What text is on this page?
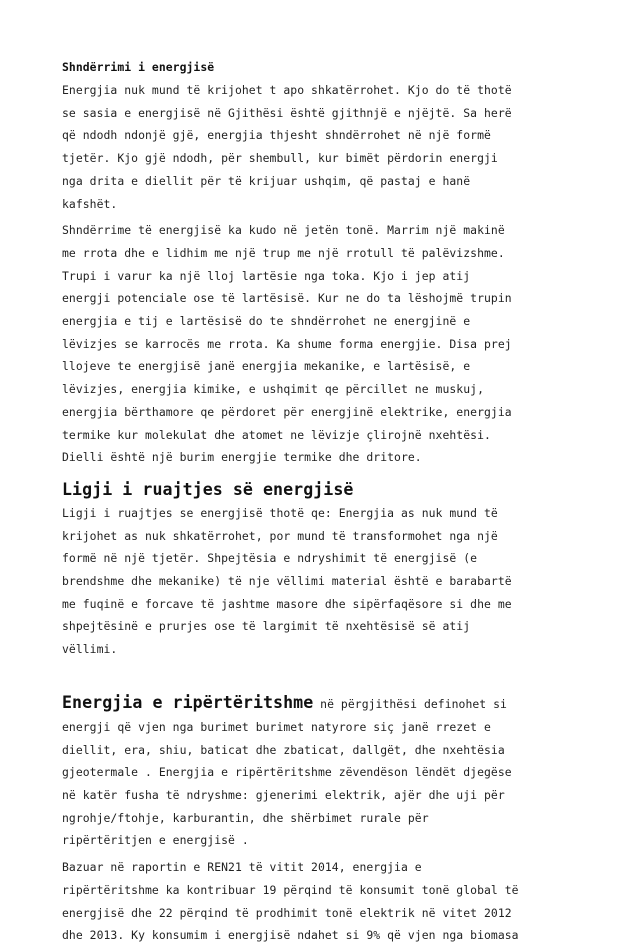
Shndërrimi i energjisë
Energjia nuk mund të krijohet t apo shkatërrohet. Kjo do të thotë
se sasia e energjisë në Gjithësi është gjithnjë e njëjtë. Sa herë
që ndodh ndonjë gjë, energjia thjesht shndërrohet në një formë
tjetër. Kjo gjë ndodh, për shembull, kur bimët përdorin energji
nga drita e diellit për të krijuar ushqim, që pastaj e hanë
kafshët.
Shndërrime të energjisë ka kudo në jetën tonë. Marrim një makinë
me rrota dhe e lidhim me një trup me një rrotull të palëvizshme.
Trupi i varur ka një lloj lartësie nga toka. Kjo i jep atij
energji potenciale ose të lartësisë. Kur ne do ta lëshojmë trupin
energjia e tij e lartësisë do te shndërrohet ne energjinë e
lëvizjes se karrocës me rrota. Ka shume forma energjie. Disa prej
llojeve te energjisë janë energjia mekanike, e lartësisë, e
lëvizjes, energjia kimike, e ushqimit qe përcillet ne muskuj,
energjia bërthamore qe përdoret për energjinë elektrike, energjia
termike kur molekulat dhe atomet ne lëvizje çlirojnë nxehtësi.
Dielli është një burim energjie termike dhe dritore.
Ligji i ruajtjes së energjisë
Ligji i ruajtjes se energjisë thotë qe: Energjia as nuk mund të
krijohet as nuk shkatërrohet, por mund të transformohet nga një
formë në një tjetër. Shpejtësia e ndryshimit të energjisë (e
brendshme dhe mekanike) të nje vëllimi material është e barabartë
me fuqinë e forcave të jashtme masore dhe sipërfaqësore si dhe me
shpejtësinë e prurjes ose të largimit të nxehtësisë së atij
vëllimi.
Energjia e ripërtëritshme në përgjithësi definohet si
energji që vjen nga burimet burimet natyrore siç janë rrezet e
diellit, era, shiu, baticat dhe zbaticat, dallgët, dhe nxehtësia
gjeotermale . Energjia e ripërtëritshme zëvendëson lëndët djegëse
në katër fusha të ndryshme: gjenerimi elektrik, ajër dhe uji për
ngrohje/ftohje, karburantin, dhe shërbimet rurale për
ripërtëritjen e energjisë .
Bazuar në raportin e REN21 të vitit 2014, energjia e
ripërtëritshme ka kontribuar 19 përqind të konsumit tonë global të
energjisë dhe 22 përqind të prodhimit tonë elektrik në vitet 2012
dhe 2013. Ky konsumim i energjisë ndahet si 9% që vjen nga biomasa
